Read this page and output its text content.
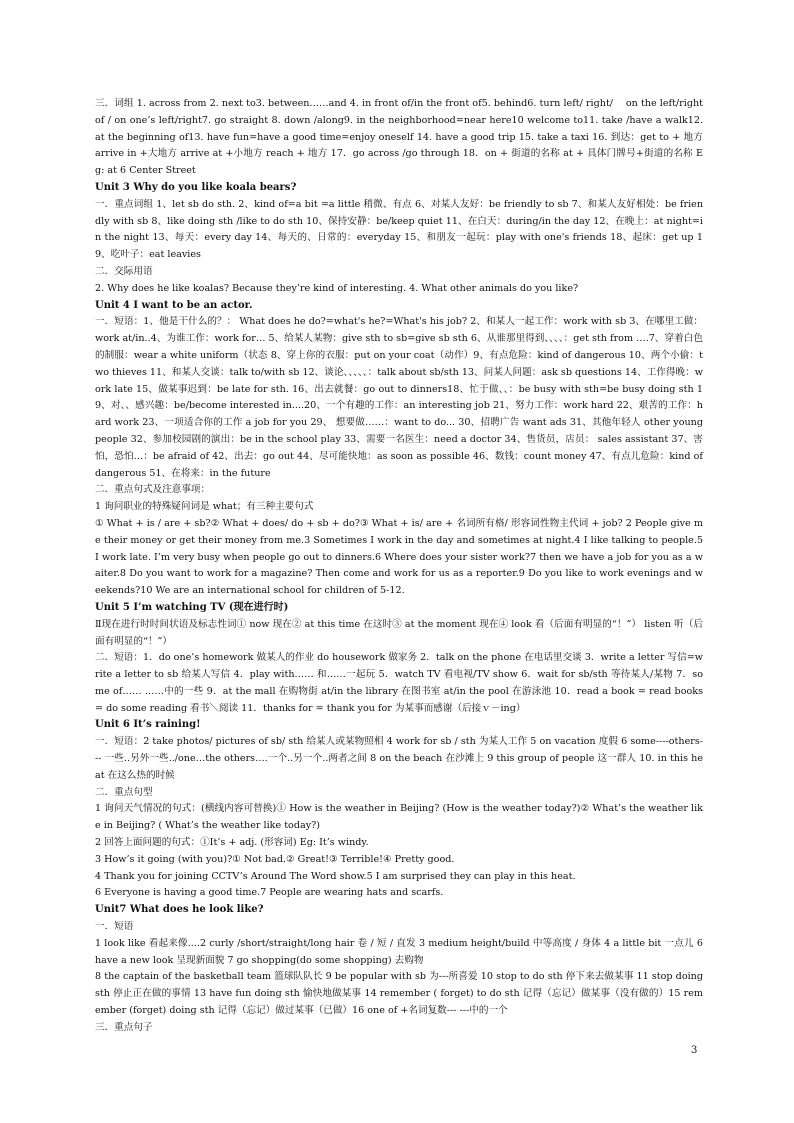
三．词组 1. across from 2. next to3. between……and 4. in front of/in the front of5. behind6. turn left/ right/　 on the left/right of / on one’s left/right7. go straight 8. down /along9. in the neighborhood=near here10 welcome to11. take /have a walk12. at the beginning of13. have fun=have a good time=enjoy oneself 14. have a good trip 15. take a taxi 16. 到达：get to + 地方 arrive in +大地方 arrive at +小地方 reach + 地方 17．go across /go through 18．on + 街道的名称 at + 具体门牌号+街道的名称 Eg: at 6 Center Street

Unit 3 Why do you like koala bears?

一．重点词组 1、let sb do sth. 2、kind of=a bit =a little 稍微、有点 6、对某人友好：be friendly to sb 7、和某人友好相处：be friendly with sb 8、like doing sth /like to do sth 10、保持安静：be/keep quiet 11、在白天：during/in the day 12、在晚上：at night=in the night 13、每天：every day 14、每天的、日常的：everyday 15、和朋友一起玩：play with one's friends 18、起床：get up 19、吃叶子：eat leavies

二．交际用语

2. Why does he like koalas? Because they’re kind of interesting. 4. What other animals do you like?

Unit 4 I want to be an actor.

一．短语：1、他是干什么的？： What does he do?=what's he?=What's his job? 2、和某人一起工作：work with sb 3、在哪里工做：work at/in..4、为谁工作：work for… 5、给某人某物：give sth to sb=give sb sth 6、从谁那里得到、、、、：get sth from ….7、穿着白色的制服：wear a white uniform（状态 8、穿上你的衣服：put on your coat（动作）9、有点危险：kind of dangerous 10、两个小偷：two thieves 11、和某人交谈：talk to/with sb 12、谈论、、、、、：talk about sb/sth 13、问某人问题：ask sb questions 14、工作得晚：work late 15、做某事迟到：be late for sth. 16、出去就餐：go out to dinners18、忙于做、、：be busy with sth=be busy doing sth 19、对、、感兴趣：be/become interested in....20、一个有趣的工作：an interesting job 21、努力工作：work hard 22、艰苦的工作：hard work 23、一项适合你的工作 a job for you 29、 想要做……：want to do... 30、招聘广告 want ads 31、其他年轻人 other young people 32、参加校园剧的演出：be in the school play 33、需要一名医生：need a doctor 34、售货员，店员： sales assistant 37、害怕，恐怕…：be afraid of 42、出去：go out 44、尽可能快地：as soon as possible 46、数钱：count money 47、有点儿危险：kind of dangerous 51、在将来：in the future

二．重点句式及注意事项：

1 询问职业的特殊疑问词是 what；有三种主要句式

① What + is / are + sb?② What + does/ do + sb + do?③ What + is/ are + 名词所有格/ 形容词性物主代词 + job? 2 People give me their money or get their money from me.3 Sometimes I work in the day and sometimes at night.4 I like talking to people.5 I work late. I’m very busy when people go out to dinners.6 Where does your sister work?7 then we have a job for you as a waiter.8 Do you want to work for a magazine? Then come and work for us as a reporter.9 Do you like to work evenings and weekends?10 We are an international school for children of 5-12.

Unit 5 I’m watching TV (现在进行时)

Ⅱ现在进行时时间状语及标志性词① now 现在② at this time 在这时③ at the moment 现在④ look 看（后面有明显的“！”） listen 听（后面有明显的“！”）

二．短语：1．do one’s homework 做某人的作业 do housework 做家务 2．talk on the phone 在电话里交谈 3．write a letter 写信=write a letter to sb 给某人写信 4．play with…… 和……一起玩 5．watch TV 看电视/TV show 6．wait for sb/sth 等待某人/某物 7．some of…… ……中的一些 9．at the mall 在购物街 at/in the library 在图书室 at/in the pool 在游泳池 10．read a book = read books = do some reading 看书＼阅读 11．thanks for = thank you for 为某事而感谢（后接ｖ－ing）

Unit 6 It’s raining!

一．短语：2 take photos/ pictures of sb/ sth 给某人或某物照相 4 work for sb / sth 为某人工作 5 on vacation 度假 6 some----others--- 一些..另外一些../one…the others….一个..另一个..两者之间 8 on the beach 在沙滩上 9 this group of people 这一群人 10. in this heat 在这么热的时候

二．重点句型

1 询问天气情况的句式：(横线内容可替换)① How is the weather in Beijing? (How is the weather today?)② What’s the weather like in Beijing? ( What’s the weather like today?)

2 回答上面问题的句式：①It’s + adj. (形容词) Eg: It’s windy.

3 How’s it going (with you)?① Not bad.② Great!③ Terrible!④ Pretty good.

4 Thank you for joining CCTV’s Around The Word show.5 I am surprised they can play in this heat.

6 Everyone is having a good time.7 People are wearing hats and scarfs.

Unit7 What does he look like?

一．短语

1 look like 看起来像....2 curly /short/straight/long hair 卷 / 短 / 直发 3 medium height/build 中等高度 / 身体 4 a little bit 一点儿 6 have a new look 呈现新面貌 7 go shopping(do some shopping) 去购物

8 the captain of the basketball team 篮球队队长 9 be popular with sb 为---所喜爱 10 stop to do sth 停下来去做某事 11 stop doing sth 停止正在做的事情 13 have fun doing sth 愉快地做某事 14 remember ( forget) to do sth 记得（忘记）做某事（没有做的）15 remember (forget) doing sth 记得（忘记）做过某事（已做）16 one of +名词复数--- ---中的一个

三．重点句子

3
